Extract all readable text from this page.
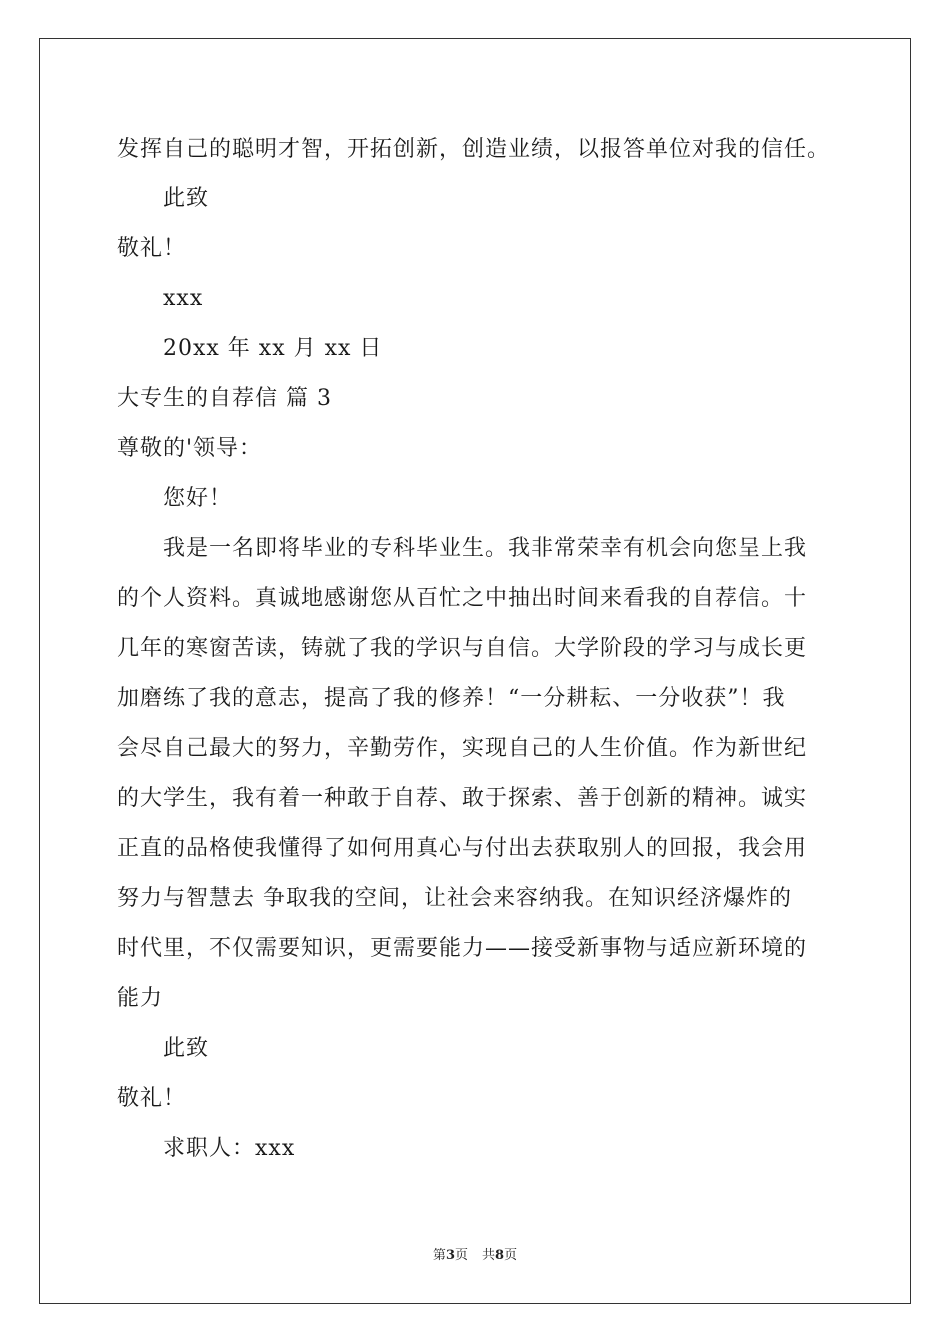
发挥自己的聪明才智，开拓创新，创造业绩，以报答单位对我的信任。
此致
敬礼！
xxx
20xx 年 xx 月 xx 日
大专生的自荐信 篇 3
尊敬的'领导：
您好！
我是一名即将毕业的专科毕业生。我非常荣幸有机会向您呈上我
的个人资料。真诚地感谢您从百忙之中抽出时间来看我的自荐信。十
几年的寒窗苦读，铸就了我的学识与自信。大学阶段的学习与成长更
加磨练了我的意志，提高了我的修养！“一分耕耘、一分收获”！我
会尽自己最大的努力，辛勤劳作，实现自己的人生价值。作为新世纪
的大学生，我有着一种敢于自荐、敢于探索、善于创新的精神。诚实
正直的品格使我懂得了如何用真心与付出去获取别人的回报，我会用
努力与智慧去 争取我的空间，让社会来容纳我。在知识经济爆炸的
时代里，不仅需要知识，更需要能力——接受新事物与适应新环境的
能力
此致
敬礼！
求职人：xxx
第3页 共8页
